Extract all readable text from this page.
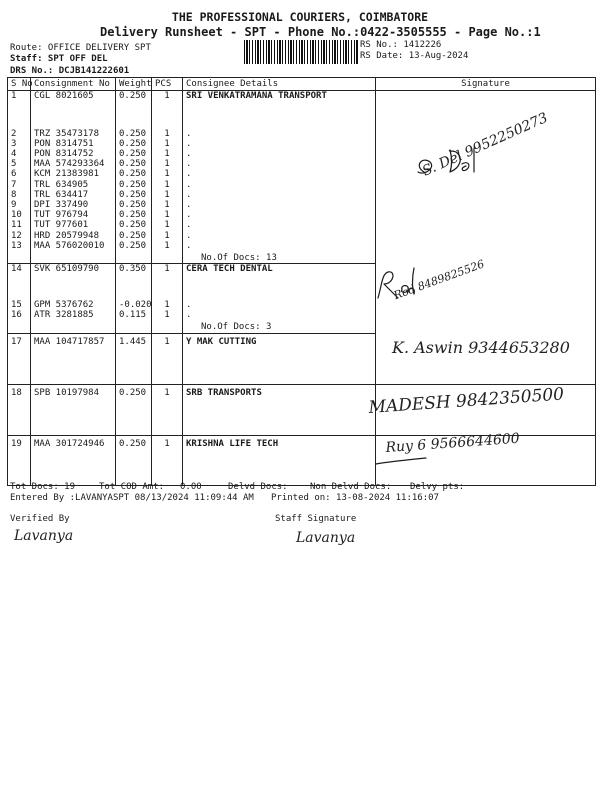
THE PROFESSIONAL COURIERS, COIMBATORE
Delivery Runsheet - SPT - Phone No.:0422-3505555 - Page No.:1
Route: OFFICE DELIVERY SPT
Staff: SPT OFF DEL
DRS No.: DCJB141222601
RS No.: 1412226
RS Date: 13-Aug-2024
S No	Consignment No	Weight	PCS	Consignee Details	Signature
1	CGL 8021605	0.250	1	SRI VENKATRAMANA TRANSPORT	
2	TRZ 35473178	0.250	1	.	
3	PON 8314751	0.250	1	.	
4	PON 8314752	0.250	1	.	
5	MAA 574293364	0.250	1	.	
6	KCM 21383981	0.250	1	.	
7	TRL 634905	0.250	1	.	
8	TRL 634417	0.250	1	.	
9	DPI 337490	0.250	1	.	
10	TUT 976794	0.250	1	.	
11	TUT 977601	0.250	1	.	
12	HRD 20579948	0.250	1	.	
13	MAA 576020010	0.250	1	.	
				No.Of Docs: 13	
14	SVK 65109790	0.350	1	CERA TECH DENTAL	
15	GPM 5376762	-0.020	1	.	
16	ATR 3281885	0.115	1	.	
				No.Of Docs: 3	
17	MAA 104717857	1.445	1	Y MAK CUTTING	
18	SPB 10197984	0.250	1	SRB TRANSPORTS	
19	MAA 301724946	0.250	1	KRISHNA LIFE TECH	
S. Del 9952250273
Rod 8489825526
K. Aswin 9344653280
MADESH 9842350500
Ruy 6 9566644600
Tot Docs: 19	Tot COD Amt: 0.00	Delvd Docs: Non Delvd Docs: Delvy pts:
Entered By :LAVANYASPT 08/13/2024 11:09:44 AM Printed on: 13-08-2024 11:16:07
Verified By
Lavanya
Staff Signature
Lavanya
